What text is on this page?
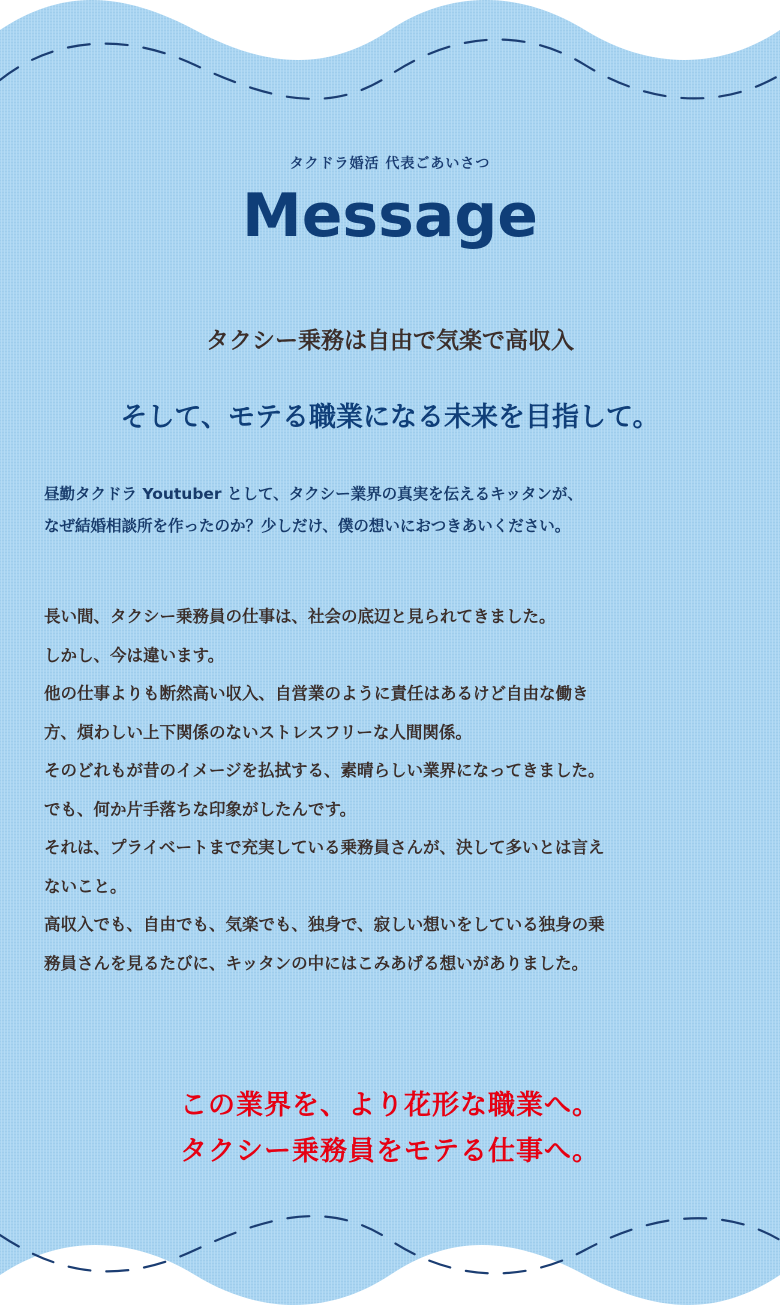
タクドラ婚活 代表ごあいさつ
Message
タクシー乗務は自由で気楽で高収入
そして、モテる職業になる未来を目指して。
昼勤タクドラ Youtuber として、タクシー業界の真実を伝えるキッタンが、
なぜ結婚相談所を作ったのか？少しだけ、僕の想いにおつきあいください。
長い間、タクシー乗務員の仕事は、社会の底辺と見られてきました。
しかし、今は違います。
他の仕事よりも断然高い収入、自営業のように責任はあるけど自由な働き
方、煩わしい上下関係のないストレスフリーな人間関係。
そのどれもが昔のイメージを払拭する、素晴らしい業界になってきました。
でも、何か片手落ちな印象がしたんです。
それは、プライベートまで充実している乗務員さんが、決して多いとは言え
ないこと。
高収入でも、自由でも、気楽でも、独身で、寂しい想いをしている独身の乗
務員さんを見るたびに、キッタンの中にはこみあげる想いがありました。
この業界を、より花形な職業へ。
タクシー乗務員をモテる仕事へ。
